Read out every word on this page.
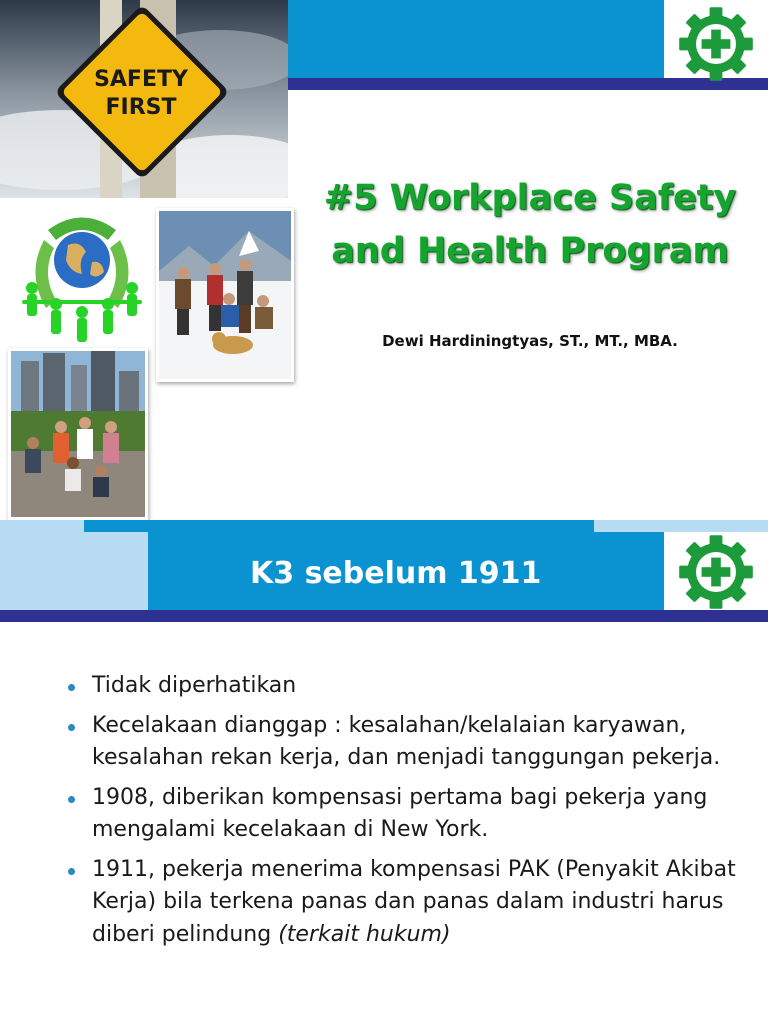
SAFETY
FIRST
#5 Workplace Safety
and Health Program

Dewi Hardiningtyas, ST., MT., MBA.

K3 sebelum 1911
Tidak diperhatikan
Kecelakaan dianggap : kesalahan/kelalaian karyawan, kesalahan rekan kerja, dan menjadi tanggungan pekerja.
1908, diberikan kompensasi pertama bagi pekerja yang mengalami kecelakaan di New York.
1911, pekerja menerima kompensasi PAK (Penyakit Akibat Kerja) bila terkena panas dan panas dalam industri harus diberi pelindung (terkait hukum)
